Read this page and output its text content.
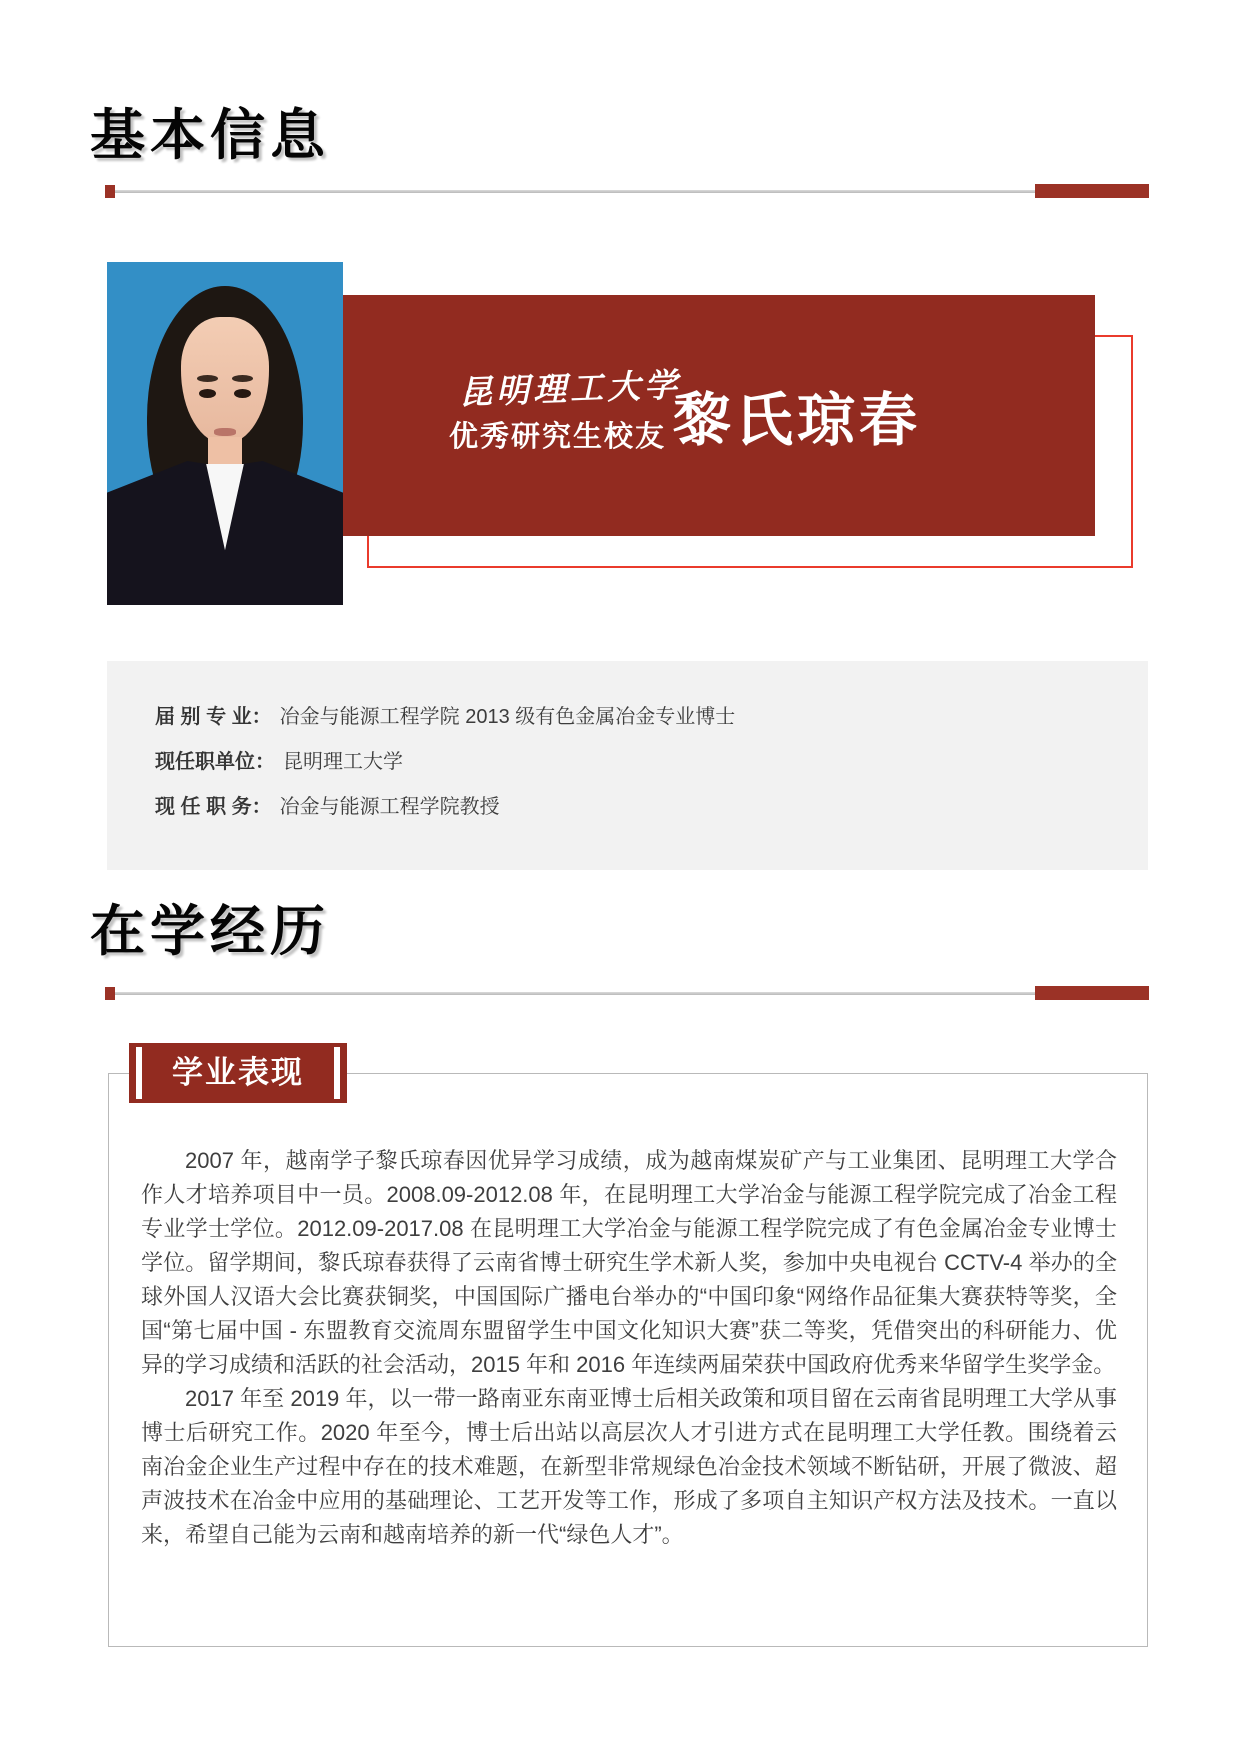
基本信息
昆明理工大学
优秀研究生校友 黎氏琼春
届 别 专 业： 冶金与能源工程学院 2013 级有色金属冶金专业博士
现任职单位： 昆明理工大学
现 任 职 务： 冶金与能源工程学院教授
在学经历
学业表现

2007 年，越南学子黎氏琼春因优异学习成绩，成为越南煤炭矿产与工业集团、昆明理工大学合作人才培养项目中一员。2008.09-2012.08 年，在昆明理工大学冶金与能源工程学院完成了冶金工程专业学士学位。2012.09-2017.08 在昆明理工大学冶金与能源工程学院完成了有色金属冶金专业博士学位。留学期间，黎氏琼春获得了云南省博士研究生学术新人奖，参加中央电视台 CCTV-4 举办的全球外国人汉语大会比赛获铜奖，中国国际广播电台举办的“中国印象“网络作品征集大赛获特等奖，全国“第七届中国 - 东盟教育交流周东盟留学生中国文化知识大赛”获二等奖，凭借突出的科研能力、优异的学习成绩和活跃的社会活动，2015 年和 2016 年连续两届荣获中国政府优秀来华留学生奖学金。

2017 年至 2019 年，以一带一路南亚东南亚博士后相关政策和项目留在云南省昆明理工大学从事博士后研究工作。2020 年至今，博士后出站以高层次人才引进方式在昆明理工大学任教。围绕着云南冶金企业生产过程中存在的技术难题，在新型非常规绿色冶金技术领域不断钻研，开展了微波、超声波技术在冶金中应用的基础理论、工艺开发等工作，形成了多项自主知识产权方法及技术。一直以来，希望自己能为云南和越南培养的新一代“绿色人才”。
